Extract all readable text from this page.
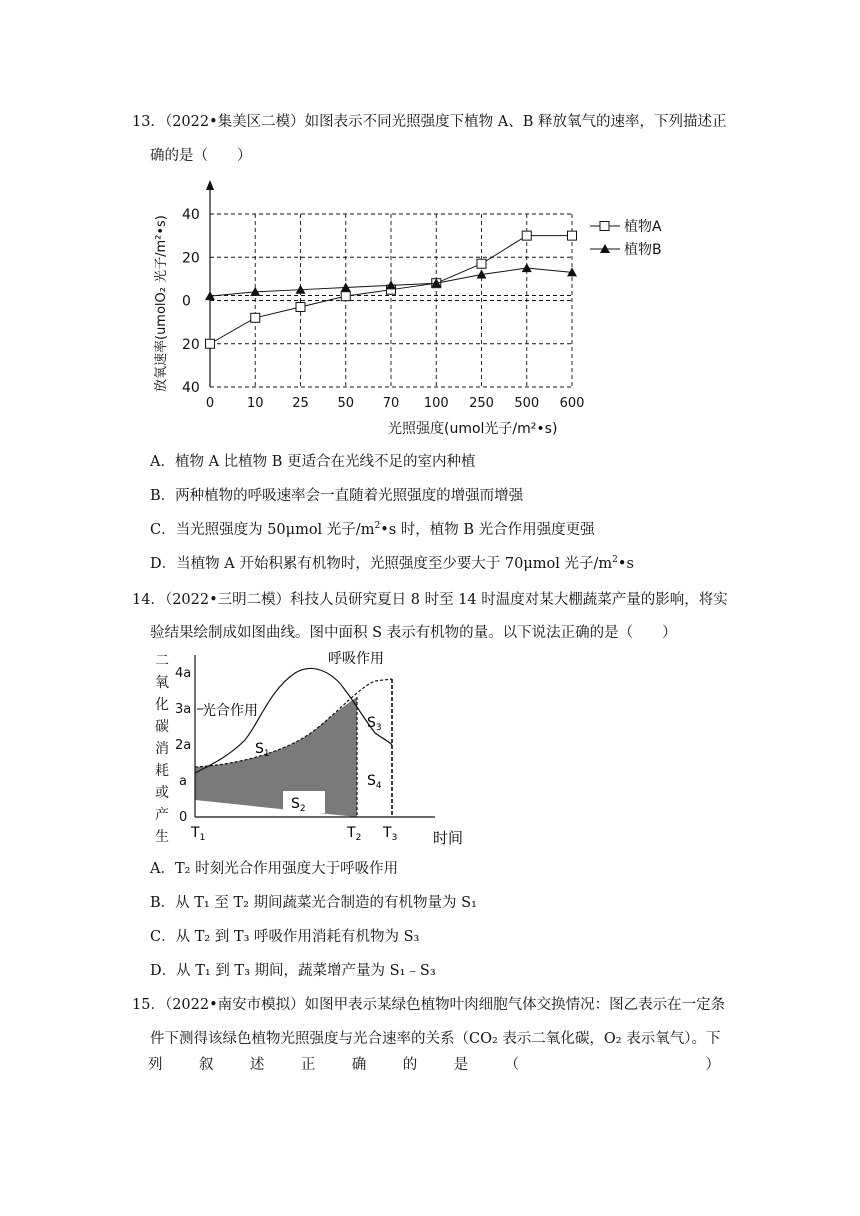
13．（2022•集美区二模）如图表示不同光照强度下植物 A、B 释放氧气的速率，下列描述正
确的是（　　）
40
20
0
20
40
0	10 25 50 70 100 250 500 600
光照强度(umol光子/m²•s)
放氧速率(umolO₂ 光子/m²•s)	植物A
植物B
A．植物 A 比植物 B 更适合在光线不足的室内种植
B．两种植物的呼吸速率会一直随着光照强度的增强而增强
C．当光照强度为 50μmol 光子$/m^2•s$ 时，植物 B 光合作用强度更强
D．当植物 A 开始积累有机物时，光照强度至少要大于 70μmol 光子$/m^2•s$
14．（2022•三明二模）科技人员研究夏日 8 时至 14 时温度对某大棚蔬菜产量的影响，将实
验结果绘制成如图曲线。图中面积 S 表示有机物的量。以下说法正确的是（　　）
二
氧
化
碳
消
耗
或
产
生
4a
3a
2a
a
0
光合作用
呼吸作用
$S_1$
$S_2$
$S_3$
$S_4$
$T_1$	$T_2$ $T_3$ 时间
A．T₂ 时刻光合作用强度大于呼吸作用
B．从 T₁ 至 T₂ 期间蔬菜光合制造的有机物量为 S₁
C．从 T₂ 到 T₃ 呼吸作用消耗有机物为 S₃
D．从 T₁ 到 T₃ 期间，蔬菜增产量为 S₁﹣S₃
15．（2022•南安市模拟）如图甲表示某绿色植物叶肉细胞气体交换情况：图乙表示在一定条
件下测得该绿色植物光照强度与光合速率的关系（CO₂ 表示二氧化碳，O₂ 表示氧气）。下
列	叙	述	正	确	的	是	（	）
